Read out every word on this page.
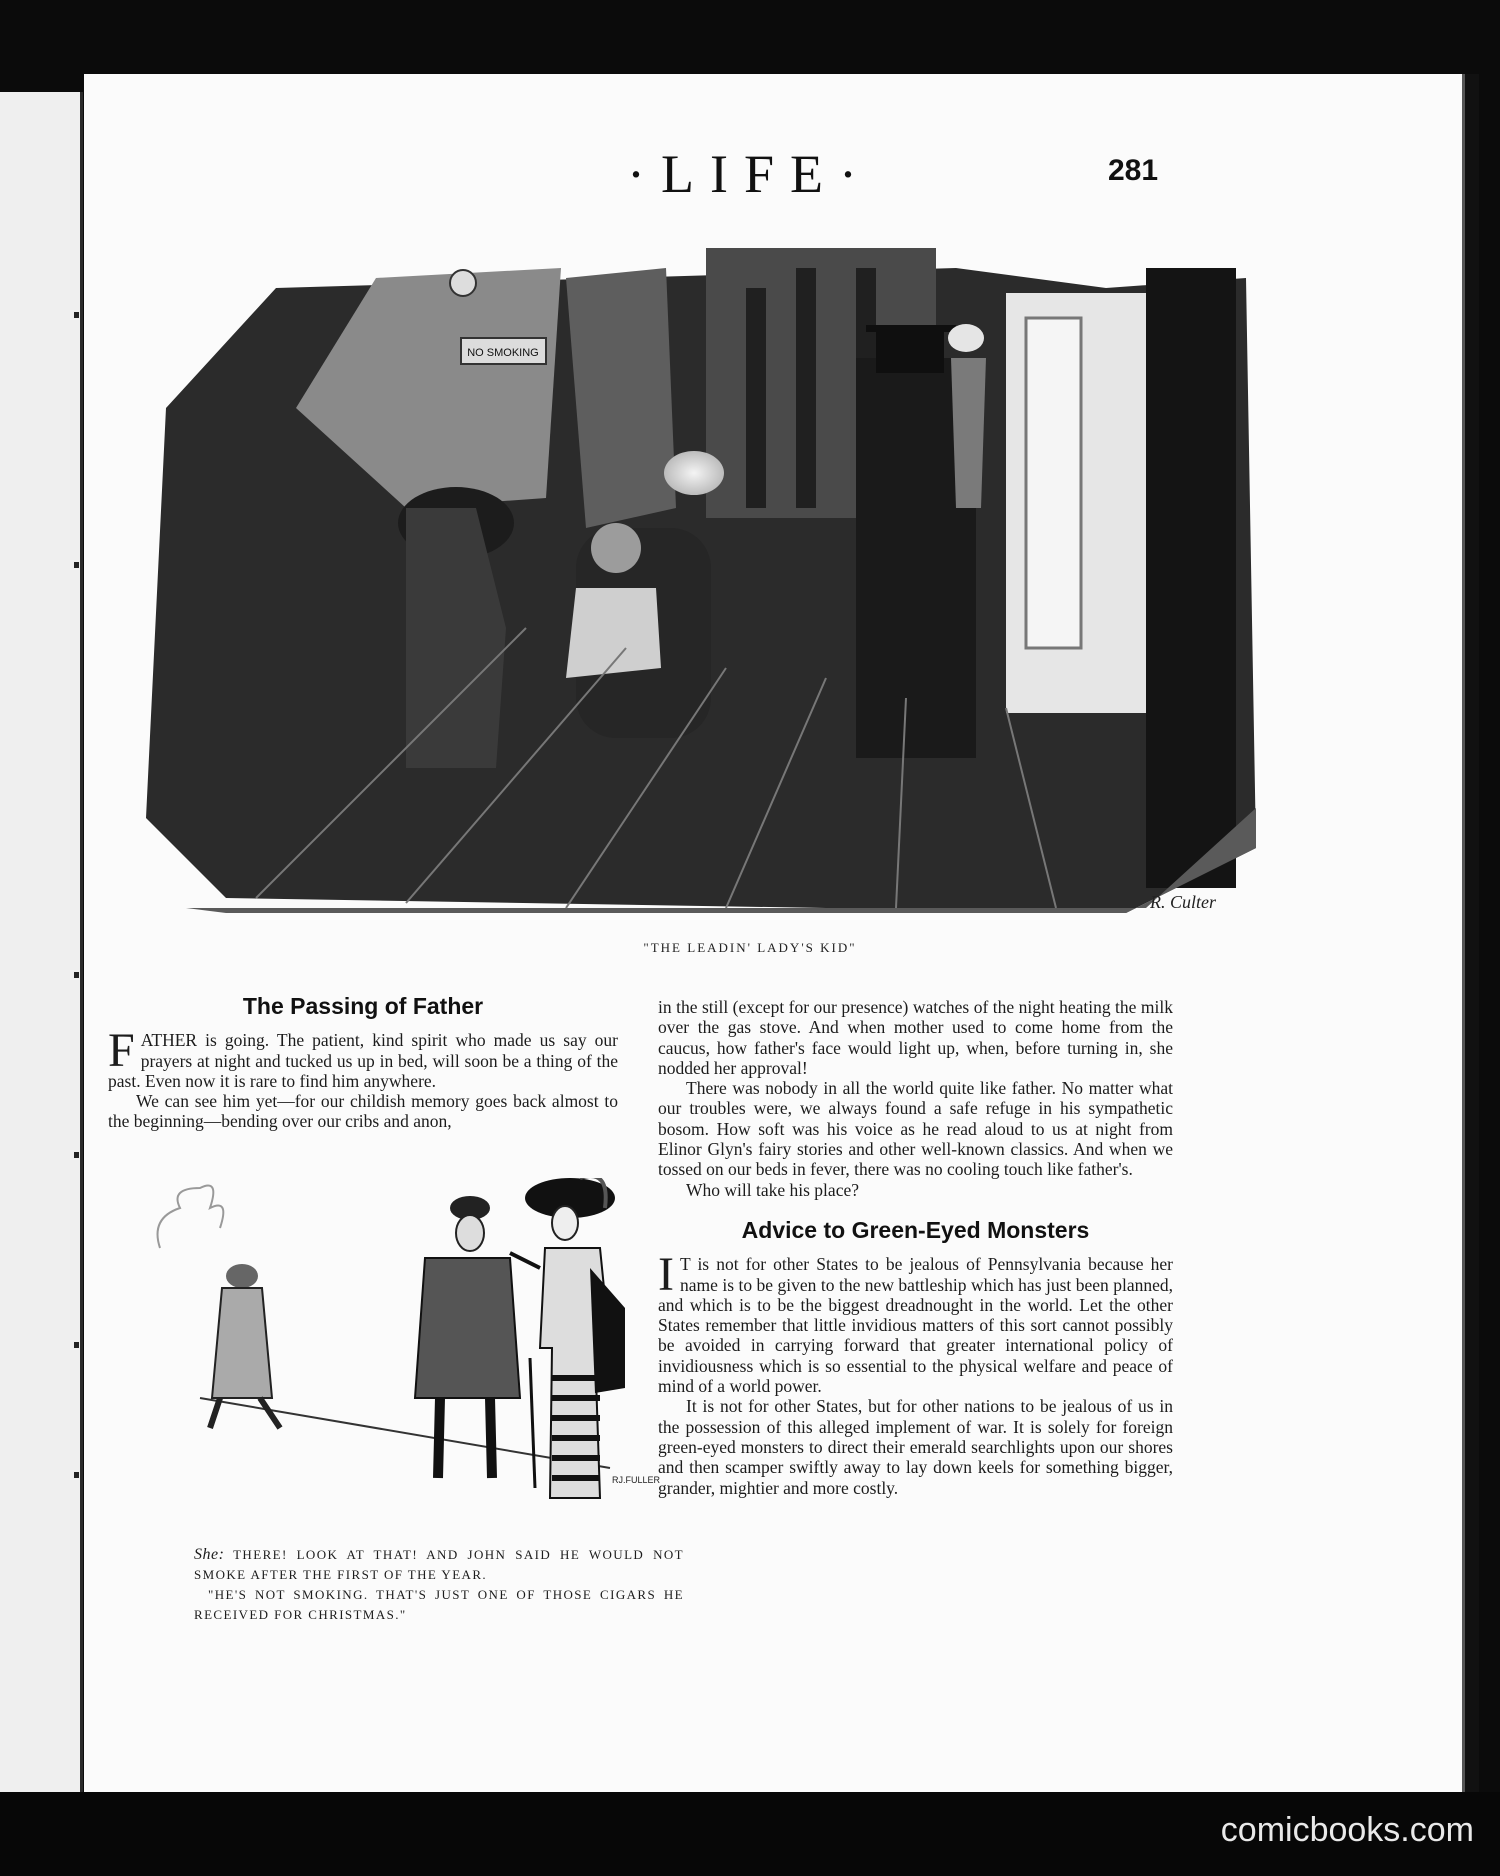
·LIFE·	281
NO SMOKING
R. Culter
"THE LEADIN' LADY'S KID"
The Passing of Father

FATHER is going. The patient, kind spirit who made us say our prayers at night and tucked us up in bed, will soon be a thing of the past. Even now it is rare to find him anywhere.

We can see him yet—for our childish memory goes back almost to the beginning—bending over our cribs and anon,

RJ.FULLER

She: THERE! LOOK AT THAT! AND JOHN SAID HE WOULD NOT SMOKE AFTER THE FIRST OF THE YEAR.

"HE'S NOT SMOKING. THAT'S JUST ONE OF THOSE CIGARS HE RECEIVED FOR CHRISTMAS."

in the still (except for our presence) watches of the night heating the milk over the gas stove. And when mother used to come home from the caucus, how father's face would light up, when, before turning in, she nodded her approval!

There was nobody in all the world quite like father. No matter what our troubles were, we always found a safe refuge in his sympathetic bosom. How soft was his voice as he read aloud to us at night from Elinor Glyn's fairy stories and other well-known classics. And when we tossed on our beds in fever, there was no cooling touch like father's.

Who will take his place?

Advice to Green-Eyed Monsters

I T is not for other States to be jealous of Pennsylvania because her name is to be given to the new battleship which has just been planned, and which is to be the biggest dreadnought in the world. Let the other States remember that little invidious matters of this sort cannot possibly be avoided in carrying forward that greater international policy of invidiousness which is so essential to the physical welfare and peace of mind of a world power.

It is not for other States, but for other nations to be jealous of us in the possession of this alleged implement of war. It is solely for foreign green-eyed monsters to direct their emerald searchlights upon our shores and then scamper swiftly away to lay down keels for something bigger, grander, mightier and more costly.

comicbooks.com
